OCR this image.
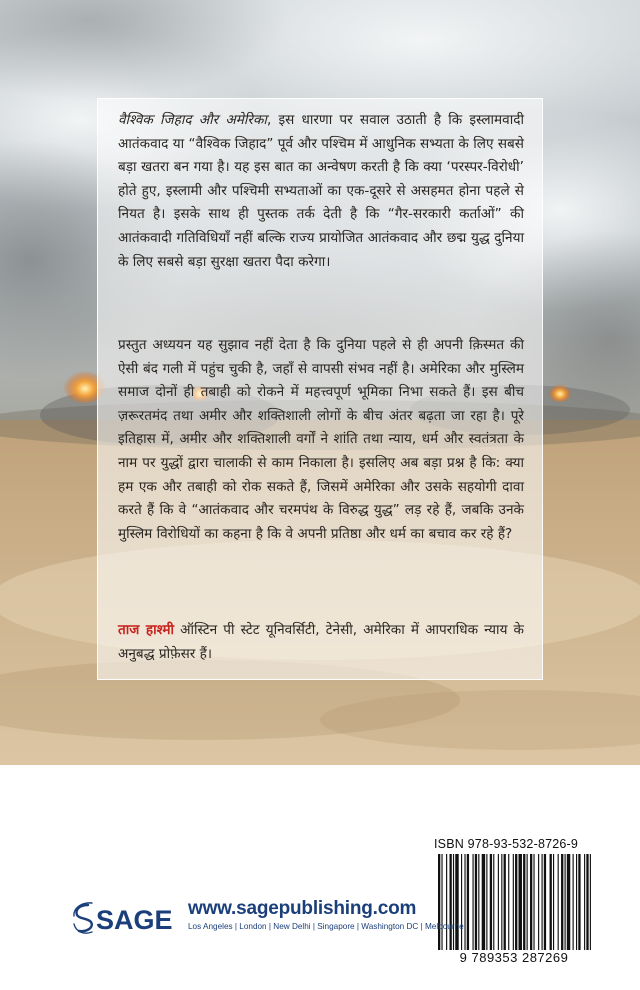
वैश्विक जिहाद और अमेरिका, इस धारणा पर सवाल उठाती है कि इस्लामवादी आतंकवाद या “वैश्विक जिहाद” पूर्व और पश्चिम में आधुनिक सभ्यता के लिए सबसे बड़ा खतरा बन गया है। यह इस बात का अन्वेषण करती है कि क्या ‘परस्पर-विरोधी’ होते हुए, इस्लामी और पश्चिमी सभ्यताओं का एक-दूसरे से असहमत होना पहले से नियत है। इसके साथ ही पुस्तक तर्क देती है कि “गैर-सरकारी कर्ताओं” की आतंकवादी गतिविधियाँ नहीं बल्कि राज्य प्रायोजित आतंकवाद और छद्म युद्ध दुनिया के लिए सबसे बड़ा सुरक्षा खतरा पैदा करेगा।

प्रस्तुत अध्ययन यह सुझाव नहीं देता है कि दुनिया पहले से ही अपनी क़िस्मत की ऐसी बंद गली में पहुंच चुकी है, जहाँ से वापसी संभव नहीं है। अमेरिका और मुस्लिम समाज दोनों ही तबाही को रोकने में महत्त्वपूर्ण भूमिका निभा सकते हैं। इस बीच ज़रूरतमंद तथा अमीर और शक्तिशाली लोगों के बीच अंतर बढ़ता जा रहा है। पूरे इतिहास में, अमीर और शक्तिशाली वर्गों ने शांति तथा न्याय, धर्म और स्वतंत्रता के नाम पर युद्धों द्वारा चालाकी से काम निकाला है। इसलिए अब बड़ा प्रश्न है कि: क्या हम एक और तबाही को रोक सकते हैं, जिसमें अमेरिका और उसके सहयोगी दावा करते हैं कि वे “आतंकवाद और चरमपंथ के विरुद्ध युद्ध” लड़ रहे हैं, जबकि उनके मुस्लिम विरोधियों का कहना है कि वे अपनी प्रतिष्ठा और धर्म का बचाव कर रहे हैं?

ताज हाश्मी ऑस्टिन पी स्टेट यूनिवर्सिटी, टेनेसी, अमेरिका में आपराधिक न्याय के अनुबद्ध प्रोफ़ेसर हैं।

ISBN 978-93-532-8726-9
9 789353 287269
SAGE www.sagepublishing.com
Los Angeles | London | New Delhi | Singapore | Washington DC | Melbourne
